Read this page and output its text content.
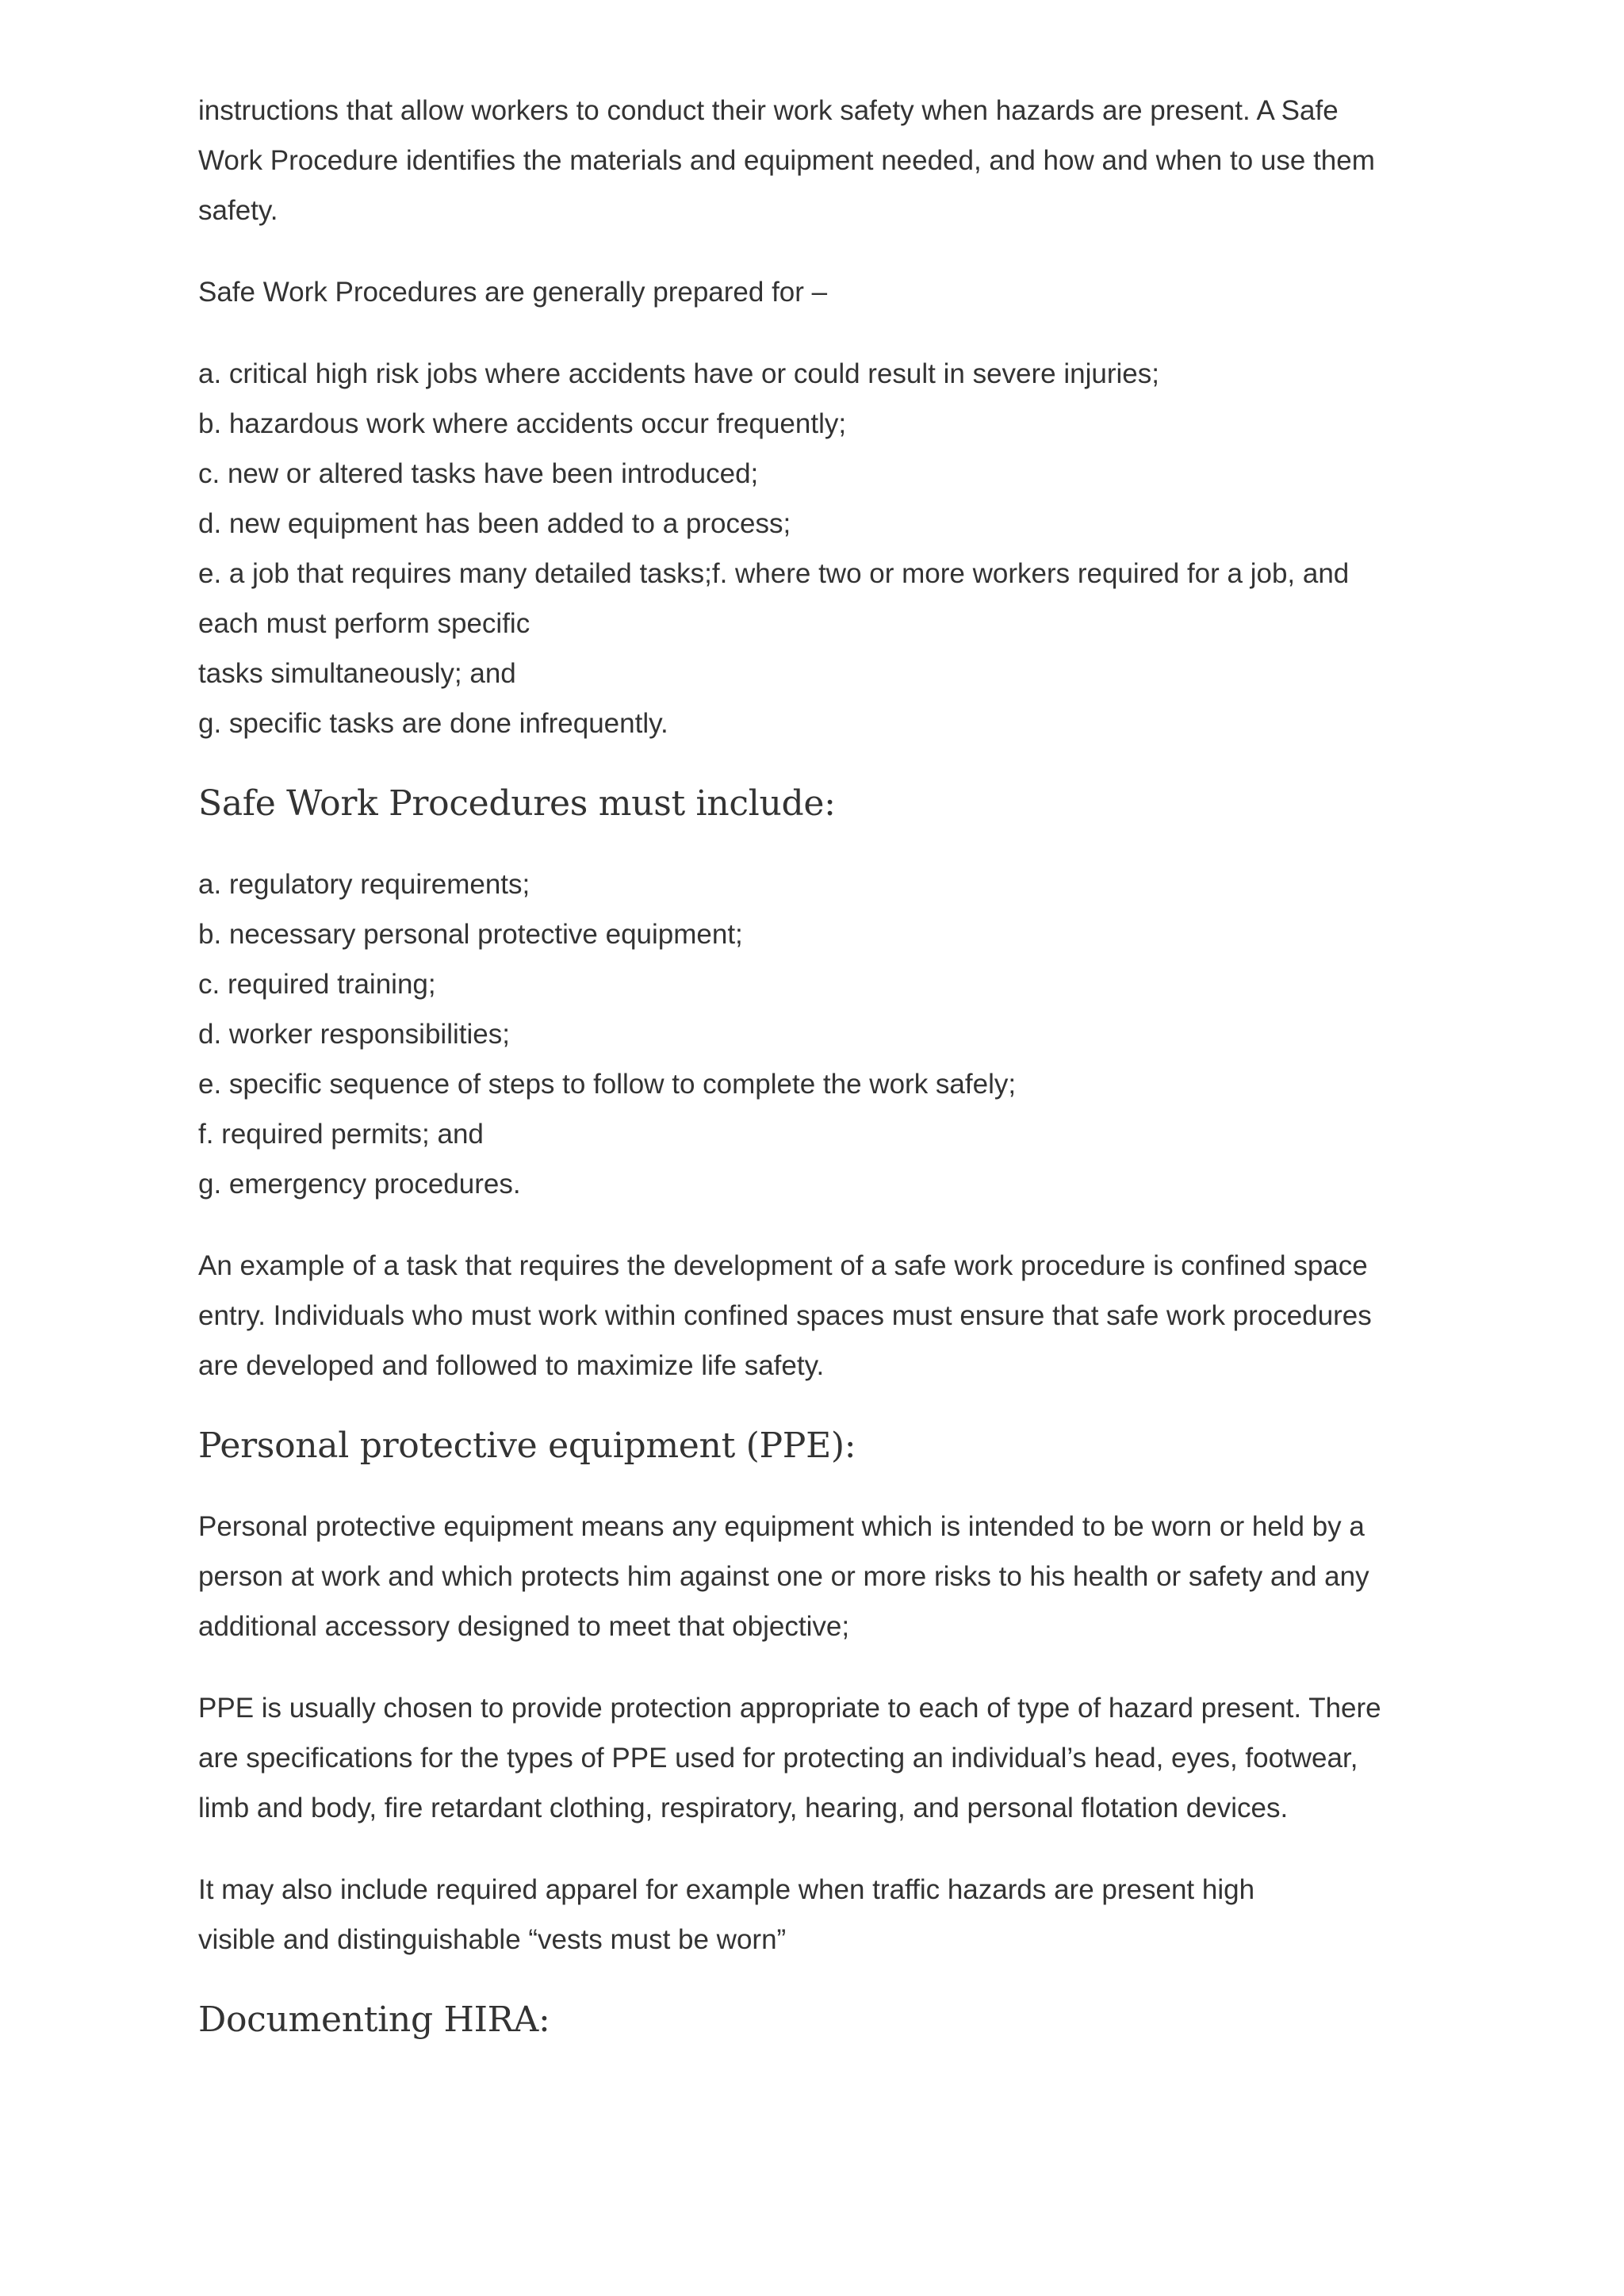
instructions that allow workers to conduct their work safety when hazards are present. A Safe
Work Procedure identifies the materials and equipment needed, and how and when to use them
safety.

Safe Work Procedures are generally prepared for –

a. critical high risk jobs where accidents have or could result in severe injuries;
b. hazardous work where accidents occur frequently;
c. new or altered tasks have been introduced;
d. new equipment has been added to a process;
e. a job that requires many detailed tasks;f. where two or more workers required for a job, and
each must perform specific
tasks simultaneously; and
g. specific tasks are done infrequently.
Safe Work Procedures must include:
a. regulatory requirements;
b. necessary personal protective equipment;
c. required training;
d. worker responsibilities;
e. specific sequence of steps to follow to complete the work safely;
f. required permits; and
g. emergency procedures.

An example of a task that requires the development of a safe work procedure is confined space
entry. Individuals who must work within confined spaces must ensure that safe work procedures
are developed and followed to maximize life safety.

Personal protective equipment (PPE):

Personal protective equipment means any equipment which is intended to be worn or held by a
person at work and which protects him against one or more risks to his health or safety and any
additional accessory designed to meet that objective;

PPE is usually chosen to provide protection appropriate to each of type of hazard present. There
are specifications for the types of PPE used for protecting an individual’s head, eyes, footwear,
limb and body, fire retardant clothing, respiratory, hearing, and personal flotation devices.

It may also include required apparel for example when traffic hazards are present high
visible and distinguishable “vests must be worn”

Documenting HIRA:
